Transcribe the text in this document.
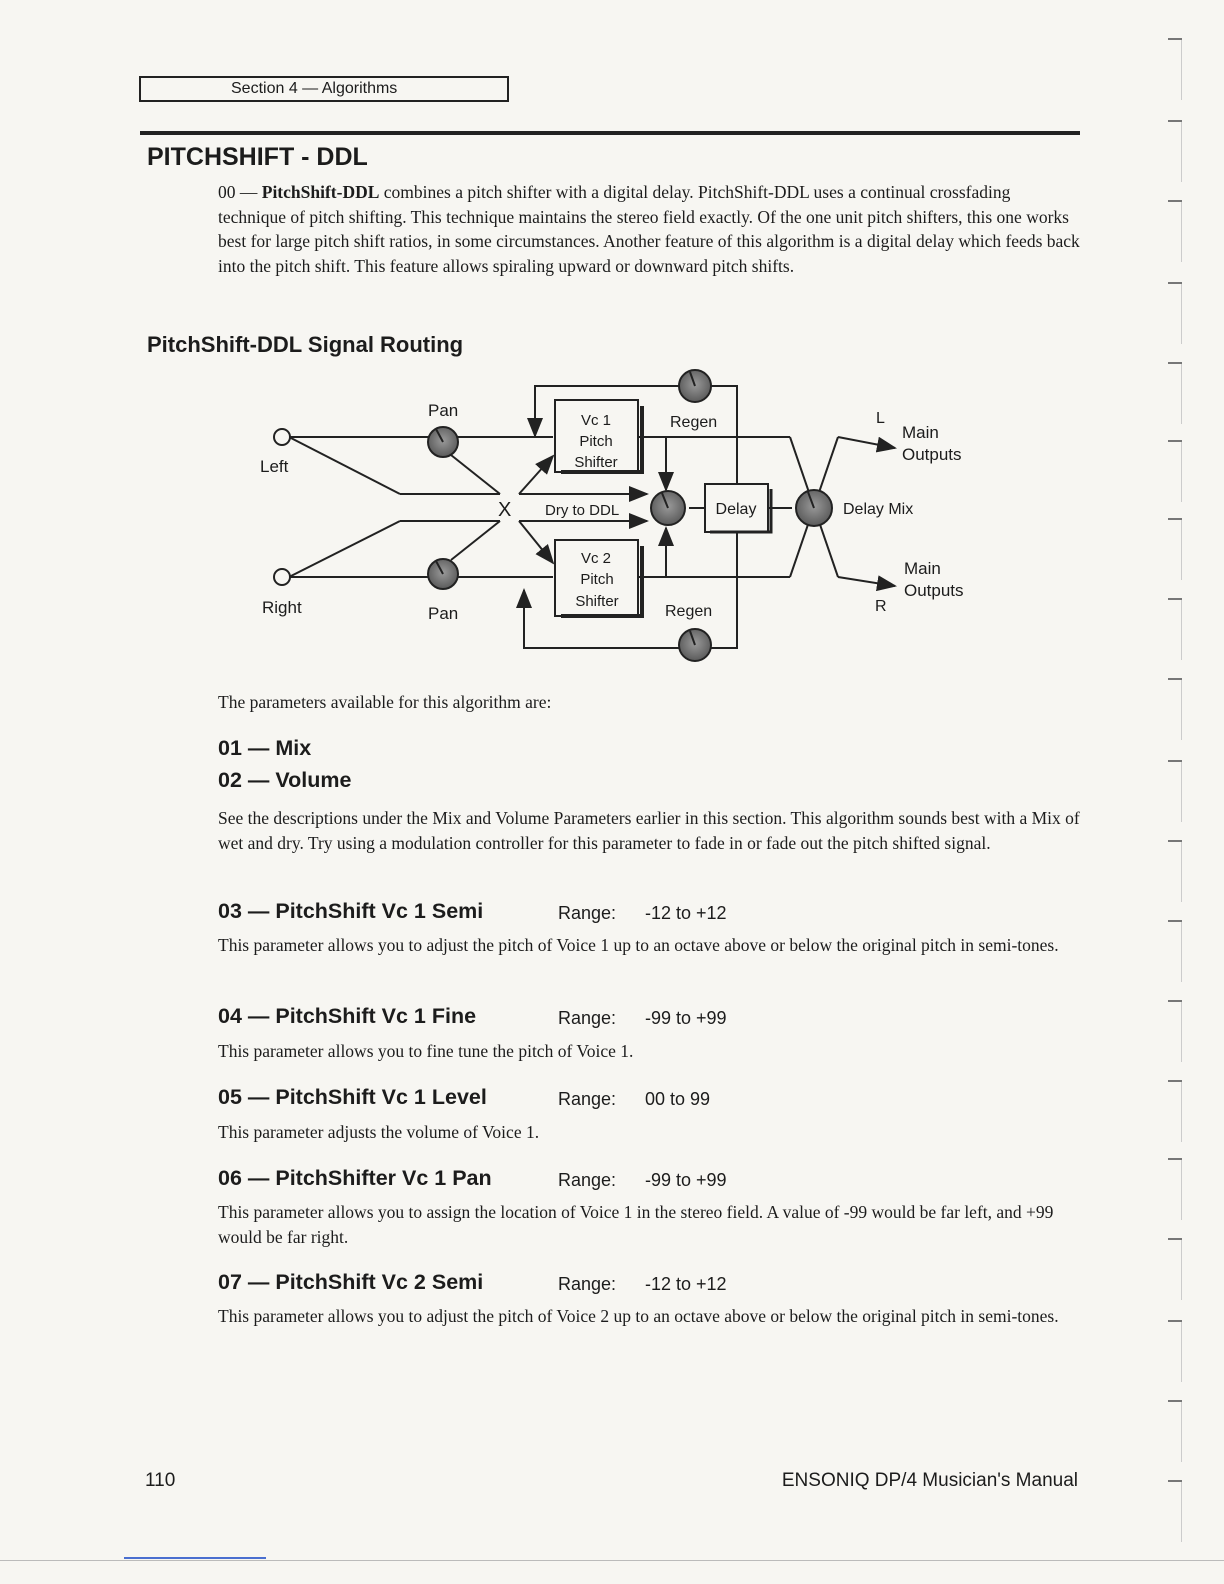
Section 4 — Algorithms
PITCHSHIFT - DDL

00 — PitchShift-DDL combines a pitch shifter with a digital delay. PitchShift-DDL uses a continual crossfading technique of pitch shifting. This technique maintains the stereo field exactly. Of the one unit pitch shifters, this one works best for large pitch shift ratios, in some circumstances. Another feature of this algorithm is a digital delay which feeds back into the pitch shift. This feature allows spiraling upward or downward pitch shifts.

PitchShift-DDL Signal Routing
Left
Right
Pan
Pan
Vc 1
Pitch
Shifter
Vc 2
Pitch
Shifter
Regen
Regen
Dry to DDL
X	Delay	Delay Mix
L
R
Main
Outputs
Main
Outputs

The parameters available for this algorithm are:

01 — Mix
02 — Volume

See the descriptions under the Mix and Volume Parameters earlier in this section. This algorithm sounds best with a Mix of wet and dry. Try using a modulation controller for this parameter to fade in or fade out the pitch shifted signal.

03 — PitchShift Vc 1 Semi	Range: -12 to +12

This parameter allows you to adjust the pitch of Voice 1 up to an octave above or below the original pitch in semi-tones.

04 — PitchShift Vc 1 Fine	Range: -99 to +99

This parameter allows you to fine tune the pitch of Voice 1.

05 — PitchShift Vc 1 Level	Range: 00 to 99

This parameter adjusts the volume of Voice 1.

06 — PitchShifter Vc 1 Pan	Range: -99 to +99

This parameter allows you to assign the location of Voice 1 in the stereo field. A value of -99 would be far left, and +99 would be far right.

07 — PitchShift Vc 2 Semi	Range: -12 to +12

This parameter allows you to adjust the pitch of Voice 2 up to an octave above or below the original pitch in semi-tones.

110	ENSONIQ DP/4 Musician's Manual
